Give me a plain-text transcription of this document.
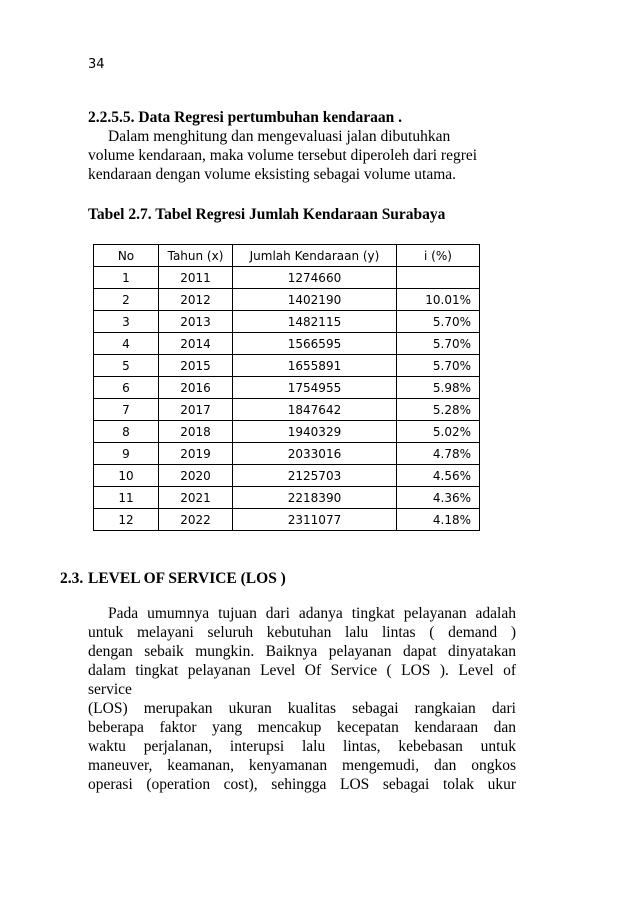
34
2.2.5.5. Data Regresi pertumbuhan kendaraan .
Dalam menghitung dan mengevaluasi jalan dibutuhkan
volume kendaraan, maka volume tersebut diperoleh dari regrei
kendaraan dengan volume eksisting sebagai volume utama.
Tabel 2.7. Tabel Regresi Jumlah Kendaraan Surabaya
No	Tahun (x)	Jumlah Kendaraan (y)	i (%)
1	2011	1274660	
2	2012	1402190	10.01%
3	2013	1482115	5.70%
4	2014	1566595	5.70%
5	2015	1655891	5.70%
6	2016	1754955	5.98%
7	2017	1847642	5.28%
8	2018	1940329	5.02%
9	2019	2033016	4.78%
10	2020	2125703	4.56%
11	2021	2218390	4.36%
12	2022	2311077	4.18%
2.3. LEVEL OF SERVICE (LOS )
Pada umumnya tujuan dari adanya tingkat pelayanan adalah
untuk melayani seluruh kebutuhan lalu lintas ( demand )
dengan sebaik mungkin. Baiknya pelayanan dapat dinyatakan
dalam tingkat pelayanan Level Of Service ( LOS ). Level of
service
(LOS) merupakan ukuran kualitas sebagai rangkaian dari
beberapa faktor yang mencakup kecepatan kendaraan dan
waktu perjalanan, interupsi lalu lintas, kebebasan untuk
maneuver, keamanan, kenyamanan mengemudi, dan ongkos
operasi (operation cost), sehingga LOS sebagai tolak ukur
